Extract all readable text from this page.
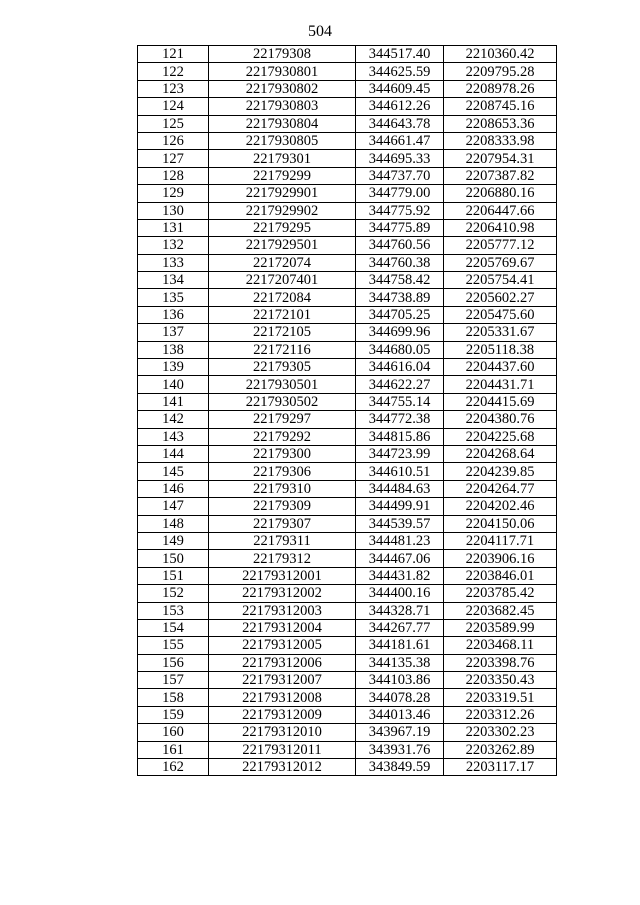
504
121	22179308	344517.40	2210360.42
122	2217930801	344625.59	2209795.28
123	2217930802	344609.45	2208978.26
124	2217930803	344612.26	2208745.16
125	2217930804	344643.78	2208653.36
126	2217930805	344661.47	2208333.98
127	22179301	344695.33	2207954.31
128	22179299	344737.70	2207387.82
129	2217929901	344779.00	2206880.16
130	2217929902	344775.92	2206447.66
131	22179295	344775.89	2206410.98
132	2217929501	344760.56	2205777.12
133	22172074	344760.38	2205769.67
134	2217207401	344758.42	2205754.41
135	22172084	344738.89	2205602.27
136	22172101	344705.25	2205475.60
137	22172105	344699.96	2205331.67
138	22172116	344680.05	2205118.38
139	22179305	344616.04	2204437.60
140	2217930501	344622.27	2204431.71
141	2217930502	344755.14	2204415.69
142	22179297	344772.38	2204380.76
143	22179292	344815.86	2204225.68
144	22179300	344723.99	2204268.64
145	22179306	344610.51	2204239.85
146	22179310	344484.63	2204264.77
147	22179309	344499.91	2204202.46
148	22179307	344539.57	2204150.06
149	22179311	344481.23	2204117.71
150	22179312	344467.06	2203906.16
151	22179312001	344431.82	2203846.01
152	22179312002	344400.16	2203785.42
153	22179312003	344328.71	2203682.45
154	22179312004	344267.77	2203589.99
155	22179312005	344181.61	2203468.11
156	22179312006	344135.38	2203398.76
157	22179312007	344103.86	2203350.43
158	22179312008	344078.28	2203319.51
159	22179312009	344013.46	2203312.26
160	22179312010	343967.19	2203302.23
161	22179312011	343931.76	2203262.89
162	22179312012	343849.59	2203117.17
